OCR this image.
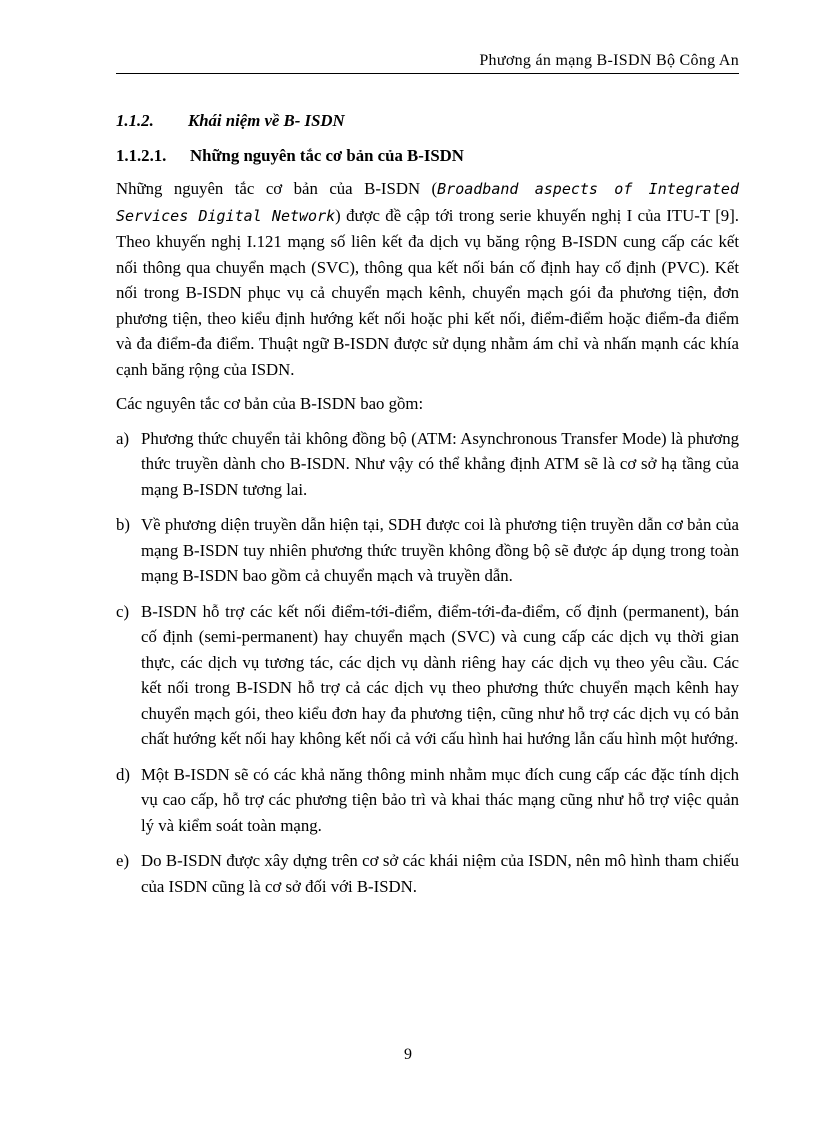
Phương án mạng B-ISDN Bộ Công An
1.1.2. Khái niệm về B- ISDN
1.1.2.1. Những nguyên tắc cơ bản của B-ISDN

Những nguyên tắc cơ bản của B-ISDN (Broadband aspects of Integrated Services Digital Network) được đề cập tới trong serie khuyến nghị I của ITU-T [9]. Theo khuyến nghị I.121 mạng số liên kết đa dịch vụ băng rộng B-ISDN cung cấp các kết nối thông qua chuyển mạch (SVC), thông qua kết nối bán cố định hay cố định (PVC). Kết nối trong B-ISDN phục vụ cả chuyển mạch kênh, chuyển mạch gói đa phương tiện, đơn phương tiện, theo kiểu định hướng kết nối hoặc phi kết nối, điểm-điểm hoặc điểm-đa điểm và đa điểm-đa điểm. Thuật ngữ B-ISDN được sử dụng nhằm ám chỉ và nhấn mạnh các khía cạnh băng rộng của ISDN.

Các nguyên tắc cơ bản của B-ISDN bao gồm:

a) Phương thức chuyển tải không đồng bộ (ATM: Asynchronous Transfer Mode) là phương thức truyền dành cho B-ISDN. Như vậy có thể khẳng định ATM sẽ là cơ sở hạ tầng của mạng B-ISDN tương lai.
b) Về phương diện truyền dẫn hiện tại, SDH được coi là phương tiện truyền dẫn cơ bản của mạng B-ISDN tuy nhiên phương thức truyền không đồng bộ sẽ được áp dụng trong toàn mạng B-ISDN bao gồm cả chuyển mạch và truyền dẫn.
c) B-ISDN hỗ trợ các kết nối điểm-tới-điểm, điểm-tới-đa-điểm, cố định (permanent), bán cố định (semi-permanent) hay chuyển mạch (SVC) và cung cấp các dịch vụ thời gian thực, các dịch vụ tương tác, các dịch vụ dành riêng hay các dịch vụ theo yêu cầu. Các kết nối trong B-ISDN hỗ trợ cả các dịch vụ theo phương thức chuyển mạch kênh hay chuyển mạch gói, theo kiểu đơn hay đa phương tiện, cũng như hỗ trợ các dịch vụ có bản chất hướng kết nối hay không kết nối cả với cấu hình hai hướng lẫn cấu hình một hướng.
d) Một B-ISDN sẽ có các khả năng thông minh nhằm mục đích cung cấp các đặc tính dịch vụ cao cấp, hỗ trợ các phương tiện bảo trì và khai thác mạng cũng như hỗ trợ việc quản lý và kiểm soát toàn mạng.
e) Do B-ISDN được xây dựng trên cơ sở các khái niệm của ISDN, nên mô hình tham chiếu của ISDN cũng là cơ sở đối với B-ISDN.
9
